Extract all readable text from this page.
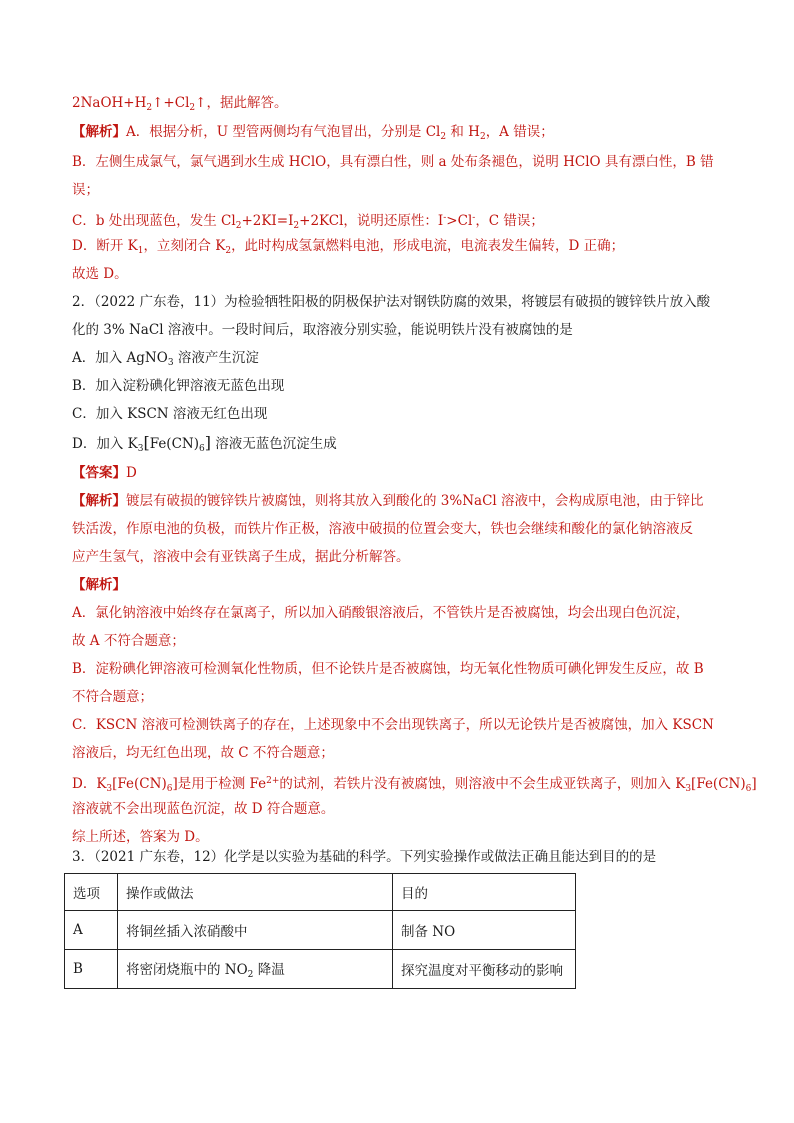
$2NaOH+H_2↑+Cl_2↑$，据此解答。
【解析】A．根据分析，U 型管两侧均有气泡冒出，分别是 $Cl_2$ 和 $H_2$，A 错误；
B．左侧生成氯气，氯气遇到水生成 HClO，具有漂白性，则 a 处布条褪色，说明 HClO 具有漂白性，B 错
误；
C．b 处出现蓝色，发生 $Cl_2+2KI=I_2+2KCl$，说明还原性：I->Cl-，C 错误；
D．断开 $K_1$，立刻闭合 $K_2$，此时构成氢氯燃料电池，形成电流，电流表发生偏转，D 正确；
故选 D。
2．（2022 广东卷，11）为检验牺牲阳极的阴极保护法对钢铁防腐的效果，将镀层有破损的镀锌铁片放入酸
化的 3% NaCl 溶液中。一段时间后，取溶液分别实验，能说明铁片没有被腐蚀的是
A．加入 AgNO$_3$ 溶液产生沉淀
B．加入淀粉碘化钾溶液无蓝色出现
C．加入 KSCN 溶液无红色出现
D．加入 $K_3[Fe(CN)_6]$ 溶液无蓝色沉淀生成
【答案】D
【解析】镀层有破损的镀锌铁片被腐蚀，则将其放入到酸化的 3%NaCl 溶液中，会构成原电池，由于锌比
铁活泼，作原电池的负极，而铁片作正极，溶液中破损的位置会变大，铁也会继续和酸化的氯化钠溶液反
应产生氢气，溶液中会有亚铁离子生成，据此分析解答。
【解析】
A．氯化钠溶液中始终存在氯离子，所以加入硝酸银溶液后，不管铁片是否被腐蚀，均会出现白色沉淀，
故 A 不符合题意；
B．淀粉碘化钾溶液可检测氧化性物质，但不论铁片是否被腐蚀，均无氧化性物质可碘化钾发生反应，故 B
不符合题意；
C．KSCN 溶液可检测铁离子的存在，上述现象中不会出现铁离子，所以无论铁片是否被腐蚀，加入 KSCN
溶液后，均无红色出现，故 C 不符合题意；
D．$K_3[Fe(CN)_6]$是用于检测 $Fe^{2+}$的试剂，若铁片没有被腐蚀，则溶液中不会生成亚铁离子，则加入 $K_3[Fe(CN)_6]$
溶液就不会出现蓝色沉淀，故 D 符合题意。
综上所述，答案为 D。
3．（2021 广东卷，12）化学是以实验为基础的科学。下列实验操作或做法正确且能达到目的的是
选项	操作或做法	目的
A	将铜丝插入浓硝酸中	制备 NO
B	将密闭烧瓶中的 $NO_2$ 降温	探究温度对平衡移动的影响
